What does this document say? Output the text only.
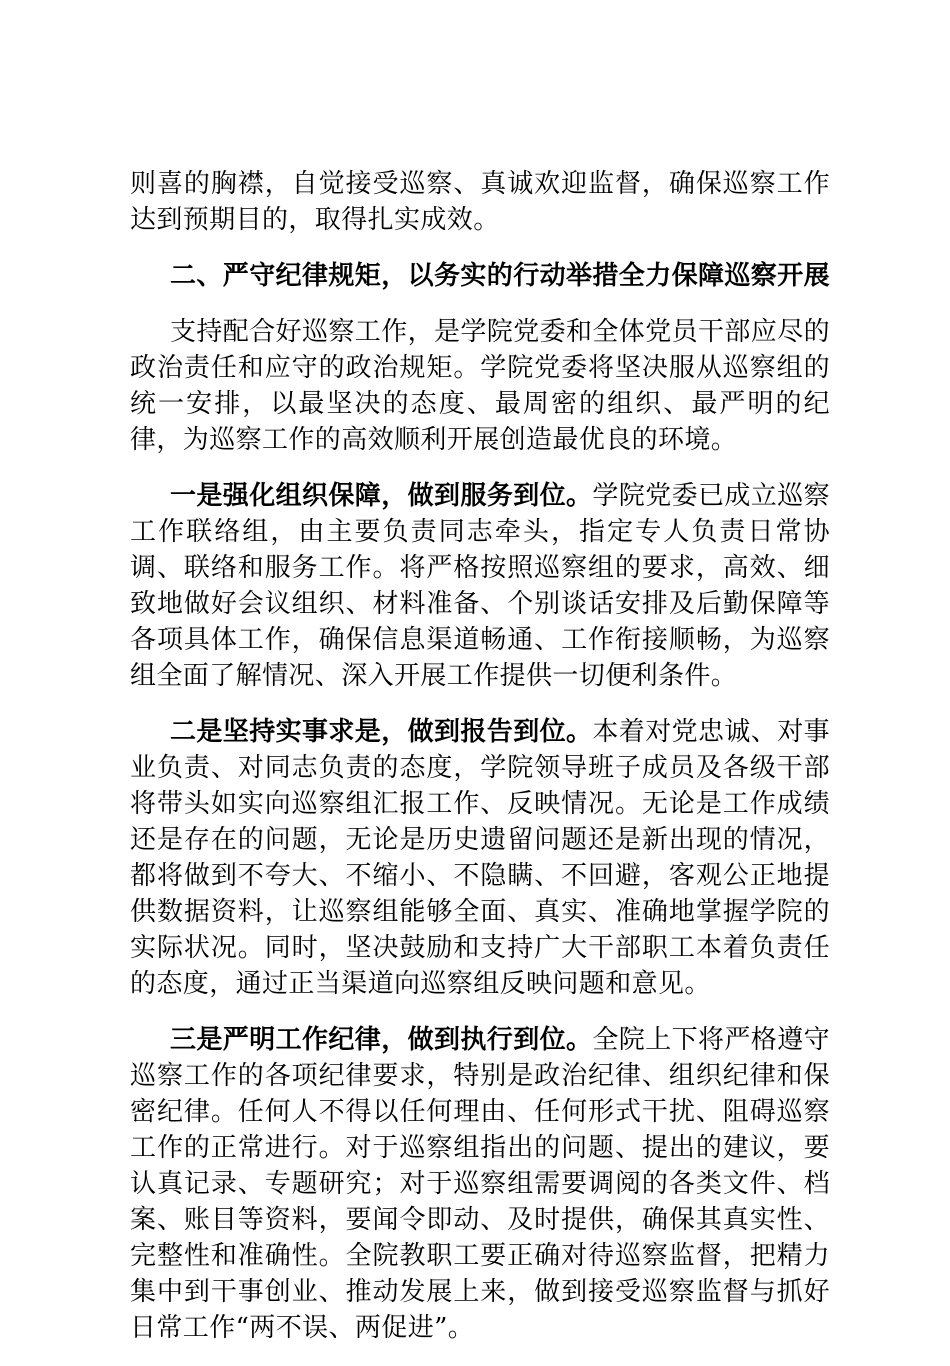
则喜的胸襟，自觉接受巡察、真诚欢迎监督，确保巡察工作达到预期目的，取得扎实成效。

二、严守纪律规矩，以务实的行动举措全力保障巡察开展

支持配合好巡察工作，是学院党委和全体党员干部应尽的政治责任和应守的政治规矩。学院党委将坚决服从巡察组的统一安排，以最坚决的态度、最周密的组织、最严明的纪律，为巡察工作的高效顺利开展创造最优良的环境。

一是强化组织保障，做到服务到位。学院党委已成立巡察工作联络组，由主要负责同志牵头，指定专人负责日常协调、联络和服务工作。将严格按照巡察组的要求，高效、细致地做好会议组织、材料准备、个别谈话安排及后勤保障等各项具体工作，确保信息渠道畅通、工作衔接顺畅，为巡察组全面了解情况、深入开展工作提供一切便利条件。

二是坚持实事求是，做到报告到位。本着对党忠诚、对事业负责、对同志负责的态度，学院领导班子成员及各级干部将带头如实向巡察组汇报工作、反映情况。无论是工作成绩还是存在的问题，无论是历史遗留问题还是新出现的情况，都将做到不夸大、不缩小、不隐瞒、不回避，客观公正地提供数据资料，让巡察组能够全面、真实、准确地掌握学院的实际状况。同时，坚决鼓励和支持广大干部职工本着负责任的态度，通过正当渠道向巡察组反映问题和意见。

三是严明工作纪律，做到执行到位。全院上下将严格遵守巡察工作的各项纪律要求，特别是政治纪律、组织纪律和保密纪律。任何人不得以任何理由、任何形式干扰、阻碍巡察工作的正常进行。对于巡察组指出的问题、提出的建议，要认真记录、专题研究；对于巡察组需要调阅的各类文件、档案、账目等资料，要闻令即动、及时提供，确保其真实性、完整性和准确性。全院教职工要正确对待巡察监督，把精力集中到干事创业、推动发展上来，做到接受巡察监督与抓好日常工作“两不误、两促进”。
